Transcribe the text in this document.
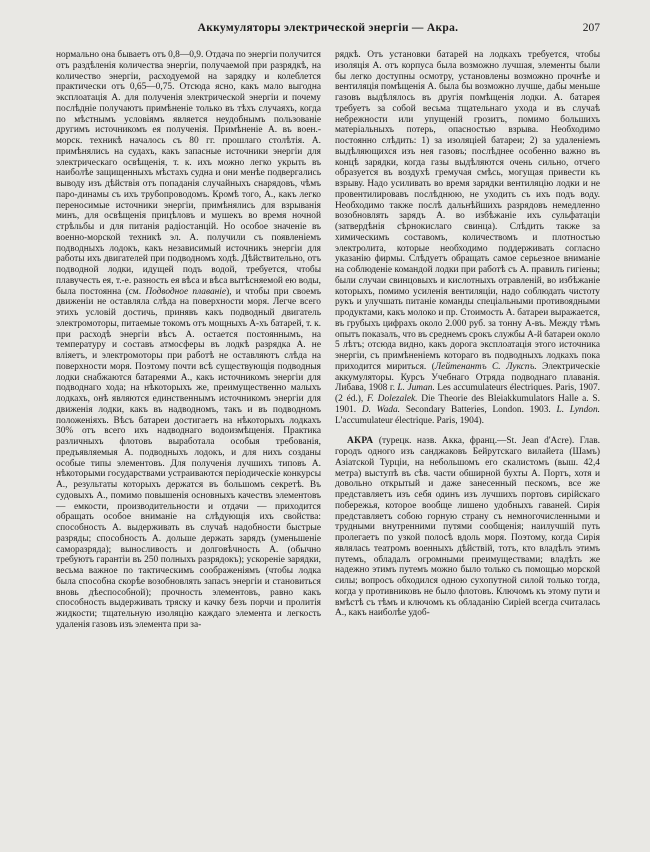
Аккумуляторы электрической энергіи — Акра.	207

нормально она бываетъ отъ 0,8—0,9. Отдача по энергіи получится отъ раздѣленія количества энергіи, получаемой при разрядкѣ, на количество энергіи, расходуемой на зарядку и колеблется практически отъ 0,65—0,75. Отсюда ясно, какъ мало выгодна эксплоатація А. для полученія электрической энергіи и почему послѣдніе получаютъ примѣненіе только въ тѣхъ случаяхъ, когда по мѣстнымъ условіямъ является неудобнымъ пользованіе другимъ источникомъ ея полученія. Примѣненіе А. въ воен.-морск. техникѣ началось съ 80 гг. прошлаго столѣтія. А. примѣнялись на судахъ, какъ запасные источники энергіи для электрическаго освѣщенія, т. к. ихъ можно легко укрыть въ наиболѣе защищенныхъ мѣстахъ судна и они менѣе подвергались выводу изъ дѣйствія отъ попаданія случайныхъ снарядовъ, чѣмъ паро-динамы съ ихъ трубопроводомъ. Кромѣ того, А., какъ легко переносимые источники энергіи, примѣнялись для взрыванія минъ, для освѣщенія прицѣловъ и мушекъ во время ночной стрѣльбы и для питанія радіостанцій. Но особое значеніе въ военно-морской техникѣ эл. А. получили съ появленіемъ подводныхъ лодокъ, какъ независимый источникъ энергіи для работы ихъ двигателей при подводномъ ходѣ. Дѣйствительно, отъ подводной лодки, идущей подъ водой, требуется, чтобы плавучесть ея, т.-е. разность ея вѣса и вѣса вытѣсняемой ею воды, была постоянна (см. Подводное плаваніе), и чтобы при своемъ движеніи не оставляла слѣда на поверхности моря. Легче всего этихъ условій достичь, принявъ какъ подводный двигатель электромоторы, питаемые токомъ отъ мощныхъ А-хъ батарей, т. к. при расходѣ энергіи вѣсъ А. остается постояннымъ, на температуру и составъ атмосферы въ лодкѣ разрядка А. не вліяетъ, и электромоторы при работѣ не оставляютъ слѣда на поверхности моря. Поэтому почти всѣ существующія подводныя лодки снабжаются батареями А., какъ источникомъ энергіи для подводнаго хода; на нѣкоторыхъ же, преимущественно малыхъ лодкахъ, онѣ являются единственнымъ источникомъ энергіи для движенія лодки, какъ въ надводномъ, такъ и въ подводномъ положеніяхъ. Вѣсъ батареи достигаетъ на нѣкоторыхъ лодкахъ 30% отъ всего ихъ надводнаго водоизмѣщенія. Практика различныхъ флотовъ выработала особыя требованія, предъявляемыя А. подводныхъ лодокъ, и для нихъ созданы особые типы элементовъ. Для полученія лучшихъ типовъ А. нѣкоторыми государствами устраиваются періодическіе конкурсы А., результаты которыхъ держатся въ большомъ секретѣ. Въ судовыхъ А., помимо повышенія основныхъ качествъ элементовъ — емкости, производительности и отдачи — приходится обращать особое вниманіе на слѣдующія ихъ свойства: способность А. выдерживать въ случаѣ надобности быстрые разряды; способность А. дольше держать зарядъ (уменьшеніе саморазряда); выносливость и долговѣчность А. (обычно требуютъ гарантіи въ 250 полныхъ разрядокъ); ускореніе зарядки, весьма важное по тактическимъ соображеніямъ (чтобы лодка была способна скорѣе возобновлять запасъ энергіи и становиться вновь дѣеспособной); прочность элементовъ, равно какъ способность выдерживать тряску и качку безъ порчи и пролитія жидкости; тщательную изоляцію каждаго элемента и легкость удаленія газовъ изъ элемента при за-

рядкѣ. Отъ установки батарей на лодкахъ требуется, чтобы изоляція А. отъ корпуса была возможно лучшая, элементы были бы легко доступны осмотру, установлены возможно прочнѣе и вентиляція помѣщенія А. была бы возможно лучше, дабы меньше газовъ выдѣлялось въ другія помѣщенія лодки. А. батарея требуетъ за собой весьма тщательнаго ухода и въ случаѣ небрежности или упущеній грозитъ, помимо большихъ матеріальныхъ потерь, опасностью взрыва. Необходимо постоянно слѣдить: 1) за изоляціей батареи; 2) за удаленіемъ выдѣляющихся изъ нея газовъ; послѣднее особенно важно въ концѣ зарядки, когда газы выдѣляются очень сильно, отчего образуется въ воздухѣ гремучая смѣсь, могущая привести къ взрыву. Надо усиливать во время зарядки вентиляцію лодки и не провентилировавъ послѣднюю, не уходить съ ихъ подъ воду. Необходимо также послѣ дальнѣйшихъ разрядовъ немедленно возобновлять зарядъ А. во избѣжаніе ихъ сульфатаціи (затвердѣнія сѣрнокислаго свинца). Слѣдить также за химическимъ составомъ, количествомъ и плотностью электролита, которые необходимо поддерживать согласно указанію фирмы. Слѣдуетъ обращать самое серьезное вниманіе на соблюденіе командой лодки при работѣ съ А. правилъ гигіены; были случаи свинцовыхъ и кислотныхъ отравленій, во избѣжаніе которыхъ, помимо усиленія вентиляціи, надо соблюдать чистоту рукъ и улучшать питаніе команды спеціальными противоядными продуктами, какъ молоко и пр. Стоимость А. батареи выражается, въ грубыхъ цифрахъ около 2.000 руб. за тонну А-въ. Между тѣмъ опытъ показалъ, что въ среднемъ срокъ службы А-й батареи около 5 лѣтъ; отсюда видно, какъ дорога эксплоатація этого источника энергіи, съ примѣненіемъ котораго въ подводныхъ лодкахъ пока приходится мириться. (Лейтенантъ С. Лукспъ. Электрическіе аккумуляторы. Курсъ Учебнаго Отряда подводнаго плаванія. Либава, 1908 г. L. Juman. Les accumulateurs électriques. Paris, 1907. (2 éd.), F. Dolezalek. Die Theorie des Bleiakkumulators Halle a. S. 1901. D. Wada. Secondary Batteries, London. 1903. L. Lyndon. L'accumulateur électrique. Paris, 1904).

АКРА (турецк. назв. Акка, франц.—St. Jean d'Acre). Глав. городъ одного изъ санджаковъ Бейрутскаго вилайета (Шамъ) Азіатской Турціи, на небольшомъ его скалистомъ (выш. 42,4 метра) выступѣ въ сѣв. части обширной бухты А. Портъ, хотя и довольно открытый и даже занесенный пескомъ, все же представляетъ изъ себя одинъ изъ лучшихъ портовъ сирійскаго побережья, которое вообще лишено удобныхъ гаваней. Сирія представляетъ собою горную страну съ немногочисленными и трудными внутренними путями сообщенія; наилучшій путь пролегаетъ по узкой полосѣ вдоль моря. Поэтому, когда Сирія являлась театромъ военныхъ дѣйствій, тотъ, кто владѣлъ этимъ путемъ, обладалъ огромными преимуществами; владѣть же надежно этимъ путемъ можно было только съ помощью морской силы; вопросъ обходился одною сухопутной силой только тогда, когда у противниковъ не было флотовъ. Ключомъ къ этому пути и вмѣстѣ съ тѣмъ и ключомъ къ обладанію Сиріей всегда считалась А., какъ наиболѣе удоб-
